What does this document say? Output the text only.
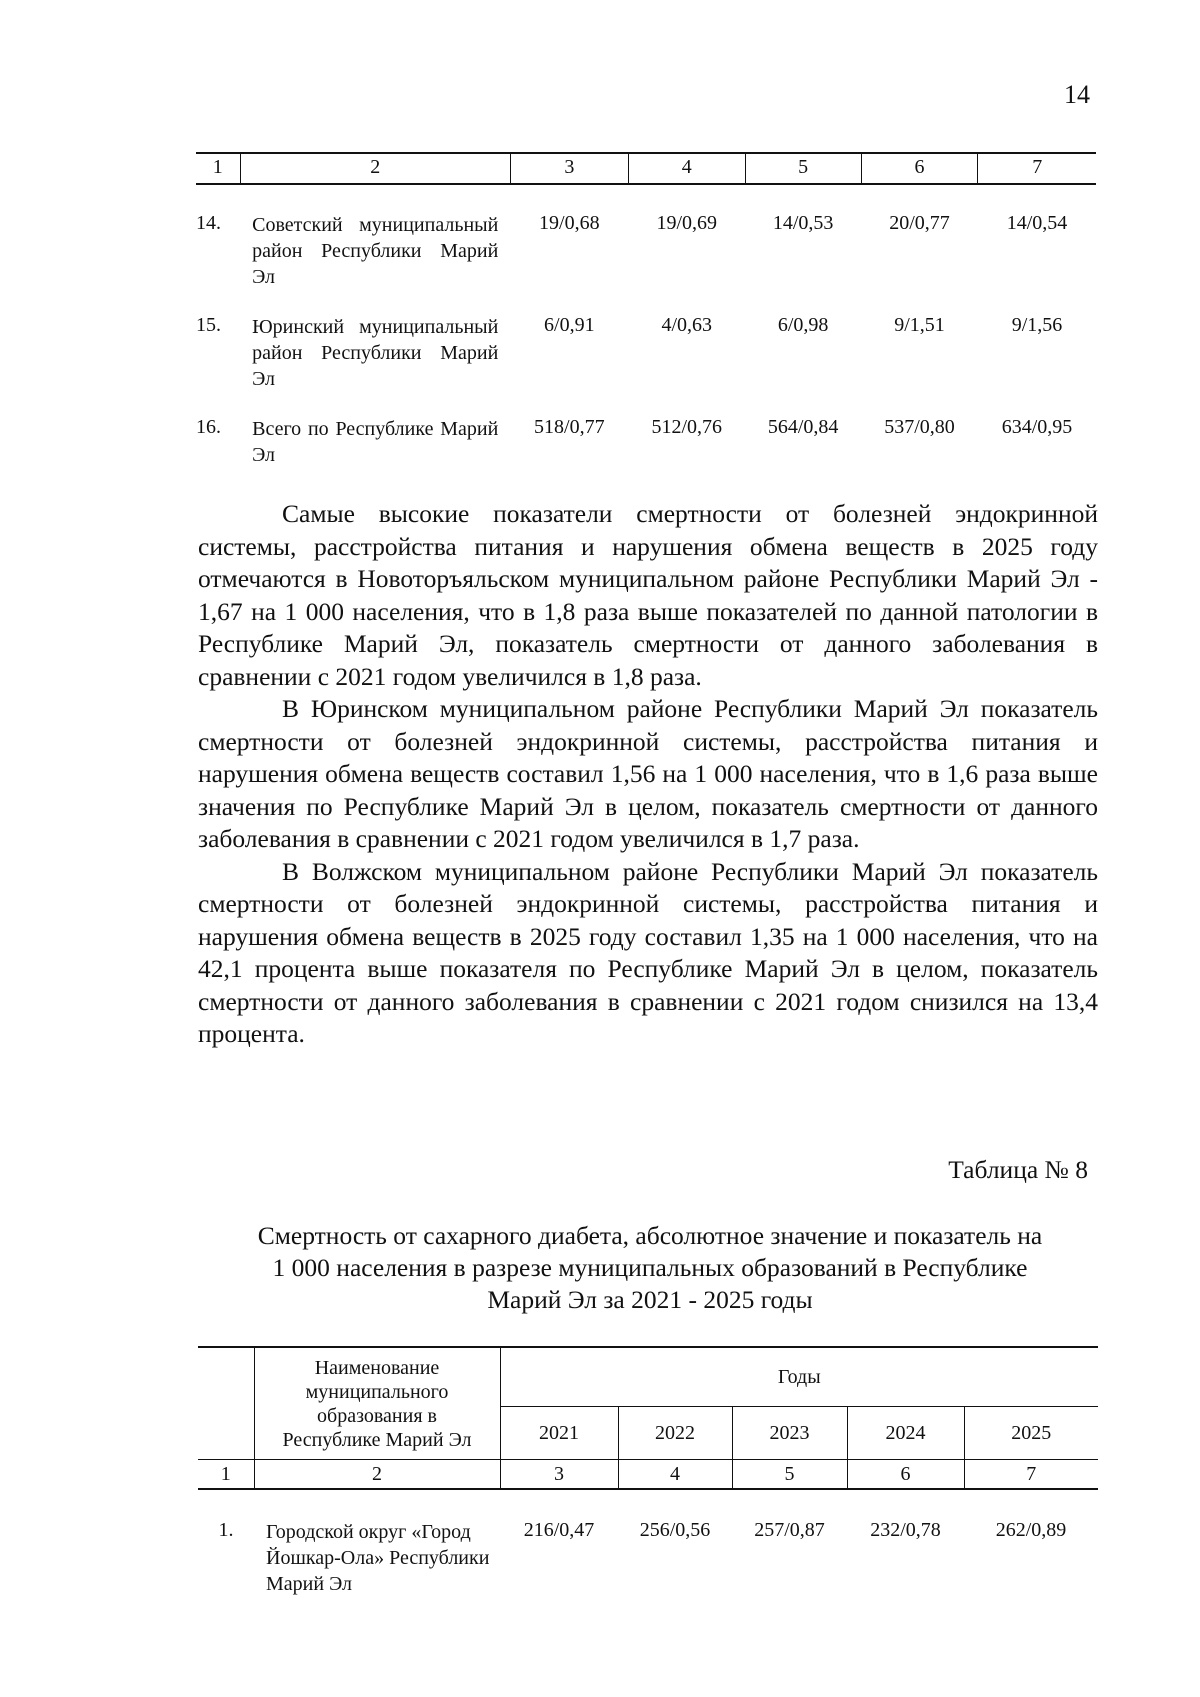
14
1	2	3	4	5	6	7

14.	Советский муниципальный район Республики Марий Эл	19/0,68	19/0,69	14/0,53	20/0,77	14/0,54

15.	Юринский муниципальный район Республики Марий Эл	6/0,91	4/0,63	6/0,98	9/1,51	9/1,56

16.	Всего по Республике Марий Эл	518/0,77	512/0,76	564/0,84	537/0,80	634/0,95

Самые высокие показатели смертности от болезней эндокринной системы, расстройства питания и нарушения обмена веществ в 2025 году отмечаются в Новоторъяльском муниципальном районе Республики Марий Эл - 1,67 на 1 000 населения, что в 1,8 раза выше показателей по данной патологии в Республике Марий Эл, показатель смертности от данного заболевания в сравнении с 2021 годом увеличился в 1,8 раза.

В Юринском муниципальном районе Республики Марий Эл показатель смертности от болезней эндокринной системы, расстройства питания и нарушения обмена веществ составил 1,56 на 1 000 населения, что в 1,6 раза выше значения по Республике Марий Эл в целом, показатель смертности от данного заболевания в сравнении с 2021 годом увеличился в 1,7 раза.

В Волжском муниципальном районе Республики Марий Эл показатель смертности от болезней эндокринной системы, расстройства питания и нарушения обмена веществ в 2025 году составил 1,35 на 1 000 населения, что на 42,1 процента выше показателя по Республике Марий Эл в целом, показатель смертности от данного заболевания в сравнении с 2021 годом снизился на 13,4 процента.

Таблица № 8
Смертность от сахарного диабета, абсолютное значение и показатель на 1 000 населения в разрезе муниципальных образований в Республике Марий Эл за 2021 - 2025 годы
	Наименование муниципального образования в Республике Марий Эл	Годы				
		2021	2022	2023	2024	2025
1	2	3	4	5	6	7

1.	Городской округ «Город Йошкар-Ола» Республики Марий Эл	216/0,47	256/0,56	257/0,87	232/0,78	262/0,89
